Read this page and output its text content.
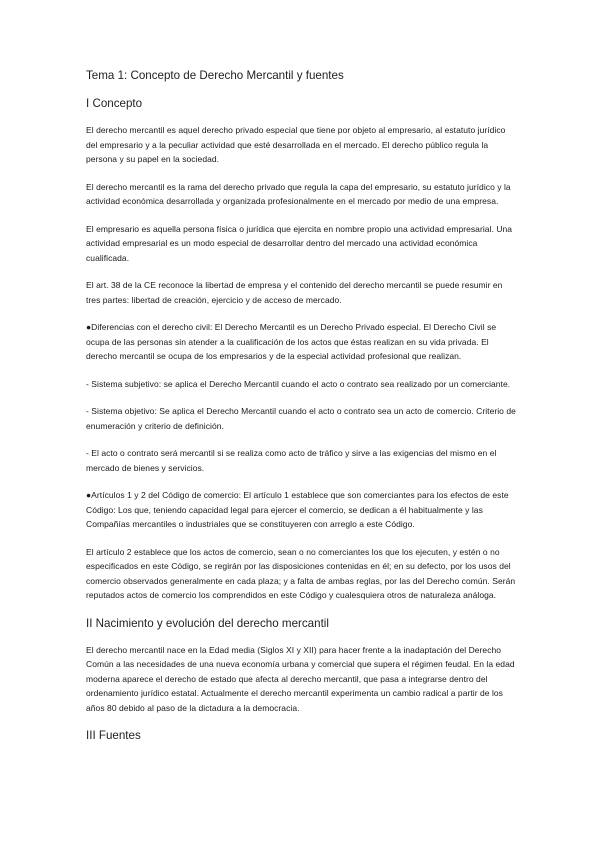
Tema 1: Concepto de Derecho Mercantil y fuentes
I Concepto

El derecho mercantil es aquel derecho privado especial que tiene por objeto al empresario, al estatuto jurídico del empresario y a la peculiar actividad que esté desarrollada en el mercado. El derecho público regula la persona y su papel en la sociedad.

El derecho mercantil es la rama del derecho privado que regula la capa del empresario, su estatuto jurídico y la actividad económica desarrollada y organizada profesionalmente en el mercado por medio de una empresa.

El empresario es aquella persona física o jurídica que ejercita en nombre propio una actividad empresarial. Una actividad empresarial es un modo especial de desarrollar dentro del mercado una actividad económica cualificada.

El art. 38 de la CE reconoce la libertad de empresa y el contenido del derecho mercantil se puede resumir en tres partes: libertad de creación, ejercicio y de acceso de mercado.

●Diferencias con el derecho civil: El Derecho Mercantil es un Derecho Privado especial. El Derecho Civil se ocupa de las personas sin atender a la cualificación de los actos que éstas realizan en su vida privada. El derecho mercantil se ocupa de los empresarios y de la especial actividad profesional que realizan.

- Sistema subjetivo: se aplica el Derecho Mercantil cuando el acto o contrato sea realizado por un comerciante.

- Sistema objetivo: Se aplica el Derecho Mercantil cuando el acto o contrato sea un acto de comercio. Criterio de enumeración y criterio de definición.

- El acto o contrato será mercantil si se realiza como acto de tráfico y sirve a las exigencias del mismo en el mercado de bienes y servicios.

●Artículos 1 y 2 del Código de comercio: El artículo 1 establece que son comerciantes para los efectos de este Código: Los que, teniendo capacidad legal para ejercer el comercio, se dedican a él habitualmente y las Compañías mercantiles o industriales que se constituyeren con arreglo a este Código.

El artículo 2 establece que los actos de comercio, sean o no comerciantes los que los ejecuten, y estén o no especificados en este Código, se regirán por las disposiciones contenidas en él; en su defecto, por los usos del comercio observados generalmente en cada plaza; y a falta de ambas reglas, por las del Derecho común. Serán reputados actos de comercio los comprendidos en este Código y cualesquiera otros de naturaleza análoga.

II Nacimiento y evolución del derecho mercantil

El derecho mercantil nace en la Edad media (Siglos XI y XII) para hacer frente a la inadaptación del Derecho Común a las necesidades de una nueva economía urbana y comercial que supera el régimen feudal. En la edad moderna aparece el derecho de estado que afecta al derecho mercantil, que pasa a integrarse dentro del ordenamiento jurídico estatal. Actualmente el derecho mercantil experimenta un cambio radical a partir de los años 80 debido al paso de la dictadura a la democracia.

III Fuentes
